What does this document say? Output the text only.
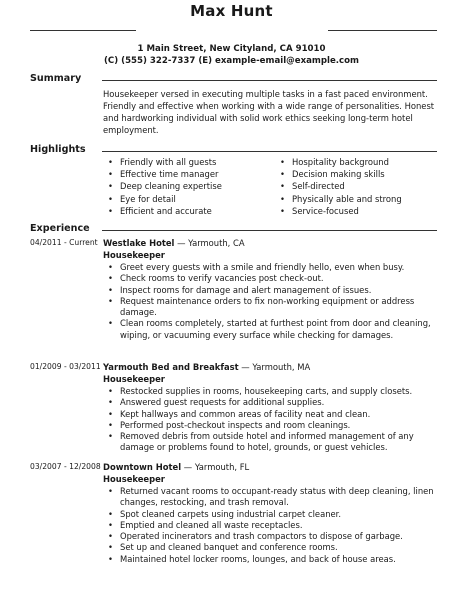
Max Hunt
1 Main Street, New Cityland, CA 91010
(C) (555) 322-7337 (E) example-email@example.com
Summary
Housekeeper versed in executing multiple tasks in a fast paced environment. Friendly and effective when working with a wide range of personalities. Honest and hardworking individual with solid work ethics seeking long-term hotel employment.
Highlights
• Friendly with all guests
• Effective time manager
• Deep cleaning expertise
• Eye for detail
• Efficient and accurate
• Hospitality background
• Decision making skills
• Self-directed
• Physically able and strong
• Service-focused
Experience
04/2011 - Current Westlake Hotel — Yarmouth, CA
Housekeeper
• Greet every guests with a smile and friendly hello, even when busy.
• Check rooms to verify vacancies post check-out.
• Inspect rooms for damage and alert management of issues.
• Request maintenance orders to fix non-working equipment or address damage.
• Clean rooms completely, started at furthest point from door and cleaning, wiping, or vacuuming every surface while checking for damages.
01/2009 - 03/2011 Yarmouth Bed and Breakfast — Yarmouth, MA
Housekeeper
• Restocked supplies in rooms, housekeeping carts, and supply closets.
• Answered guest requests for additional supplies.
• Kept hallways and common areas of facility neat and clean.
• Performed post-checkout inspects and room cleanings.
• Removed debris from outside hotel and informed management of any damage or problems found to hotel, grounds, or guest vehicles.
03/2007 - 12/2008 Downtown Hotel — Yarmouth, FL
Housekeeper
• Returned vacant rooms to occupant-ready status with deep cleaning, linen changes, restocking, and trash removal.
• Spot cleaned carpets using industrial carpet cleaner.
• Emptied and cleaned all waste receptacles.
• Operated incinerators and trash compactors to dispose of garbage.
• Set up and cleaned banquet and conference rooms.
• Maintained hotel locker rooms, lounges, and back of house areas.
